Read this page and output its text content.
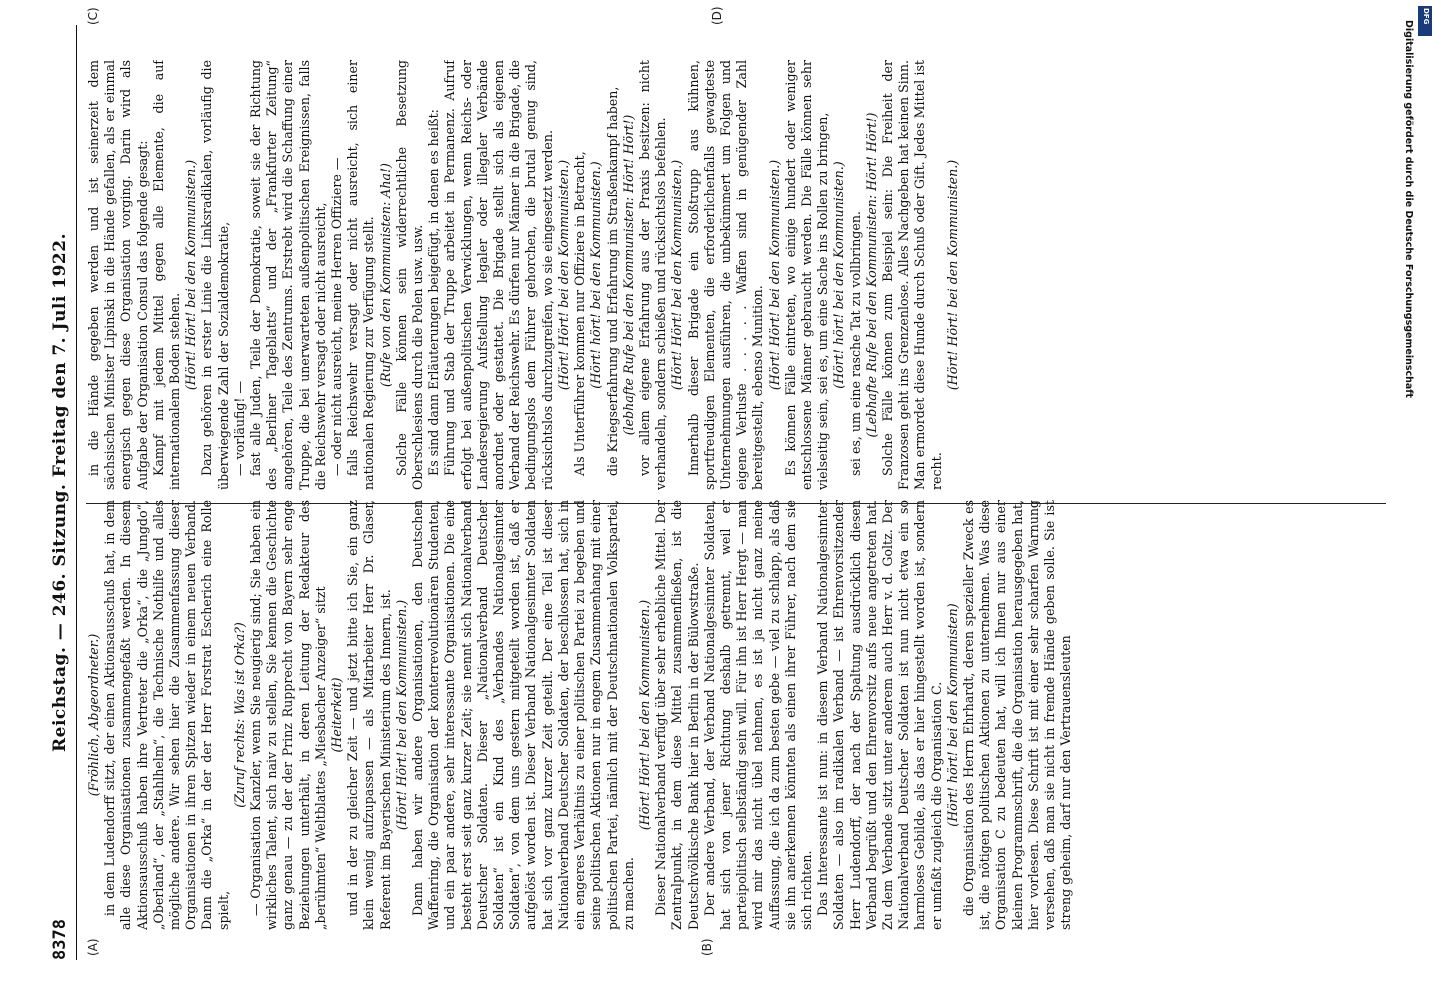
8378
Reichstag. — 246. Sitzung. Freitag den 7. Juli 1922.
(A)	(B)
(C)	(D)

(Fröhlich, Abgeordneter.) in dem Ludendorff sitzt, der einen Aktionsausschuß hat, in dem alle diese Organisationen zusammengefaßt werden. In diesem Aktionsausschuß haben ihre Vertreter die „Orka“, die „Jungdo“, „Oberland“, der „Stahlhelm“, die Technische Nothilfe und alles mögliche andere. Wir sehen hier die Zusammenfassung dieser Organisationen in ihren Spitzen wieder in einem neuen Verband. Dann die „Orka“ in der der Herr Forstrat Escherich eine Rolle spielt,

(Zuruf rechts: Was ist Orka?) — Organisation Kanzler, wenn Sie neugierig sind; Sie haben ein wirkliches Talent, sich naiv zu stellen, Sie kennen die Geschichte ganz genau — zu der der Prinz Rupprecht von Bayern sehr enge Beziehungen unterhält, in deren Leitung der Redakteur des „berühmten“ Weltblattes „Miesbacher Anzeiger“ sitzt (Heiterkeit) und in der zu gleicher Zeit — und jetzt bitte ich Sie, ein ganz klein wenig aufzupassen — als Mitarbeiter Herr Dr. Glaser, Referent im Bayerischen Ministerium des Innern, ist. (Hört! Hört! bei den Kommunisten.) Dann haben wir andere Organisationen, den Deutschen Waffenring, die Organisation der konterrevolutionären Studenten, und ein paar andere, sehr interessante Organisationen. Die eine besteht erst seit ganz kurzer Zeit; sie nennt sich Nationalverband Deutscher Soldaten. Dieser „Nationalverband Deutscher Soldaten“ ist ein Kind des „Verbandes Nationalgesinnter Soldaten“, von dem uns gestern mitgeteilt worden ist, daß er aufgelöst worden ist. Dieser Verband Nationalgesinnter Soldaten hat sich vor ganz kurzer Zeit geteilt. Der eine Teil ist dieser Nationalverband Deutscher Soldaten, der beschlossen hat, sich in ein engeres Verhältnis zu einer politischen Partei zu begeben und seine politischen Aktionen nur in engem Zusammenhang mit einer politischen Partei, nämlich mit der Deutschnationalen Volkspartei, zu machen.

(Hört! Hört! bei den Kommunisten.) Dieser Nationalverband verfügt über sehr erhebliche Mittel. Der Zentralpunkt, in dem diese Mittel zusammenfließen, ist die Deutschvölkische Bank hier in Berlin in der Bülowstraße. Der andere Verband, der Verband Nationalgesinnter Soldaten, hat sich von jener Richtung deshalb getrennt, weil er parteipolitisch selbständig sein will. Für ihn ist Herr Hergt — man wird mir das nicht übel nehmen, es ist ja nicht ganz meine Auffassung, die ich da zum besten gebe — viel zu schlapp, als daß sie ihn anerkennen könnten als einen ihrer Führer, nach dem sie sich richten. Das Interessante ist nun: in diesem Verband Nationalgesinnter Soldaten — also im radikalen Verband — ist Ehrenvorsitzender Herr Ludendorff, der nach der Spaltung ausdrücklich diesen Verband begrüßt und den Ehrenvorsitz aufs neue angetreten hat. Zu dem Verbande sitzt unter anderem auch Herr v. d. Goltz. Der Nationalverband Deutscher Soldaten ist nun nicht etwa ein so harmloses Gebilde, als das er hier hingestellt worden ist, sondern er umfaßt zugleich die Organisation C. (Hört! hört! bei den Kommunisten) die Organisation des Herrn Ehrhardt, deren spezieller Zweck es ist, die nötigen politischen Aktionen zu unternehmen. Was diese Organisation C zu bedeuten hat, will ich Ihnen nur aus einer kleinen Programmschrift, die die Organisation herausgegeben hat, hier vorlesen. Diese Schrift ist mit einer sehr scharfen Warnung versehen, daß man sie nicht in fremde Hände geben solle. Sie ist streng geheim, darf nur den Vertrauensleuten

in die Hände gegeben werden und ist seinerzeit dem sächsischen Minister Lipinski in die Hände gefallen, als er einmal energisch gegen diese Organisation vorging. Darin wird als Aufgabe der Organisation Consul das folgende gesagt: Kampf mit jedem Mittel gegen alle Elemente, die auf internationalem Boden stehen.

(Hört! Hört! bei den Kommunisten.) Dazu gehören in erster Linie die Linksradikalen, vorläufig die überwiegende Zahl der Sozialdemokratie, — vorläufig! — fast alle Juden, Teile der Demokratie, soweit sie der Richtung des „Berliner Tageblatts“ und der „Frankfurter Zeitung“ angehören, Teile des Zentrums. Erstrebt wird die Schaffung einer Truppe, die bei unerwarteten außenpolitischen Ereignissen, falls die Reichswehr versagt oder nicht ausreicht, — oder nicht ausreicht, meine Herren Offiziere — falls Reichswehr versagt oder nicht ausreicht, sich einer nationalen Regierung zur Verfügung stellt. (Rufe von den Kommunisten: Aha!) Solche Fälle können sein widerrechtliche Besetzung Oberschlesiens durch die Polen usw. usw. Es sind dann Erläuterungen beigefügt, in denen es heißt: Führung und Stab der Truppe arbeitet in Permanenz. Aufruf erfolgt bei außenpolitischen Verwicklungen, wenn Reichs- oder Landesregierung Aufstellung legaler oder illegaler Verbände anordnet oder gestattet. Die Brigade stellt sich als eigenen Verband der Reichswehr. Es dürfen nur Männer in die Brigade, die bedingungslos dem Führer gehorchen, die brutal genug sind, rücksichtslos durchzugreifen, wo sie eingesetzt werden. (Hört! Hört! bei den Kommunisten.) Als Unterführer kommen nur Offiziere in Betracht, (Hört! hört! bei den Kommunisten.) die Kriegserfahrung und Erfahrung im Straßenkampf haben, (lebhafte Rufe bei den Kommunisten: Hört! Hört!) vor allem eigene Erfahrung aus der Praxis besitzen: nicht verhandeln, sondern schießen und rücksichtslos befehlen. (Hört! Hört! bei den Kommunisten.) Innerhalb dieser Brigade ein Stoßtrupp aus kühnen, sportfreudigen Elementen, die erforderlichenfalls gewagteste Unternehmungen ausführen, die unbekümmert um Folgen und eigene Verluste . . . . . Waffen sind in genügender Zahl bereitgestellt, ebenso Munition. (Hört! Hört! bei den Kommunisten.) Es können Fälle eintreten, wo einige hundert oder weniger entschlossene Männer gebraucht werden. Die Fälle können sehr vielseitig sein, sei es, um eine Sache ins Rollen zu bringen, (Hört! hört! bei den Kommunisten.) sei es, um eine rasche Tat zu vollbringen. (Lebhafte Rufe bei den Kommunisten: Hört! Hört!) Solche Fälle können zum Beispiel sein: Die Freiheit der Franzosen geht ins Grenzenlose. Alles Nachgeben hat keinen Sinn. Man ermordet diese Hunde durch Schuß oder Gift. Jedes Mittel ist recht.

(Hört! Hört! bei den Kommunisten.)	Digitalisierung gefördert durch die Deutsche Forschungsgemeinschaft
DFG
